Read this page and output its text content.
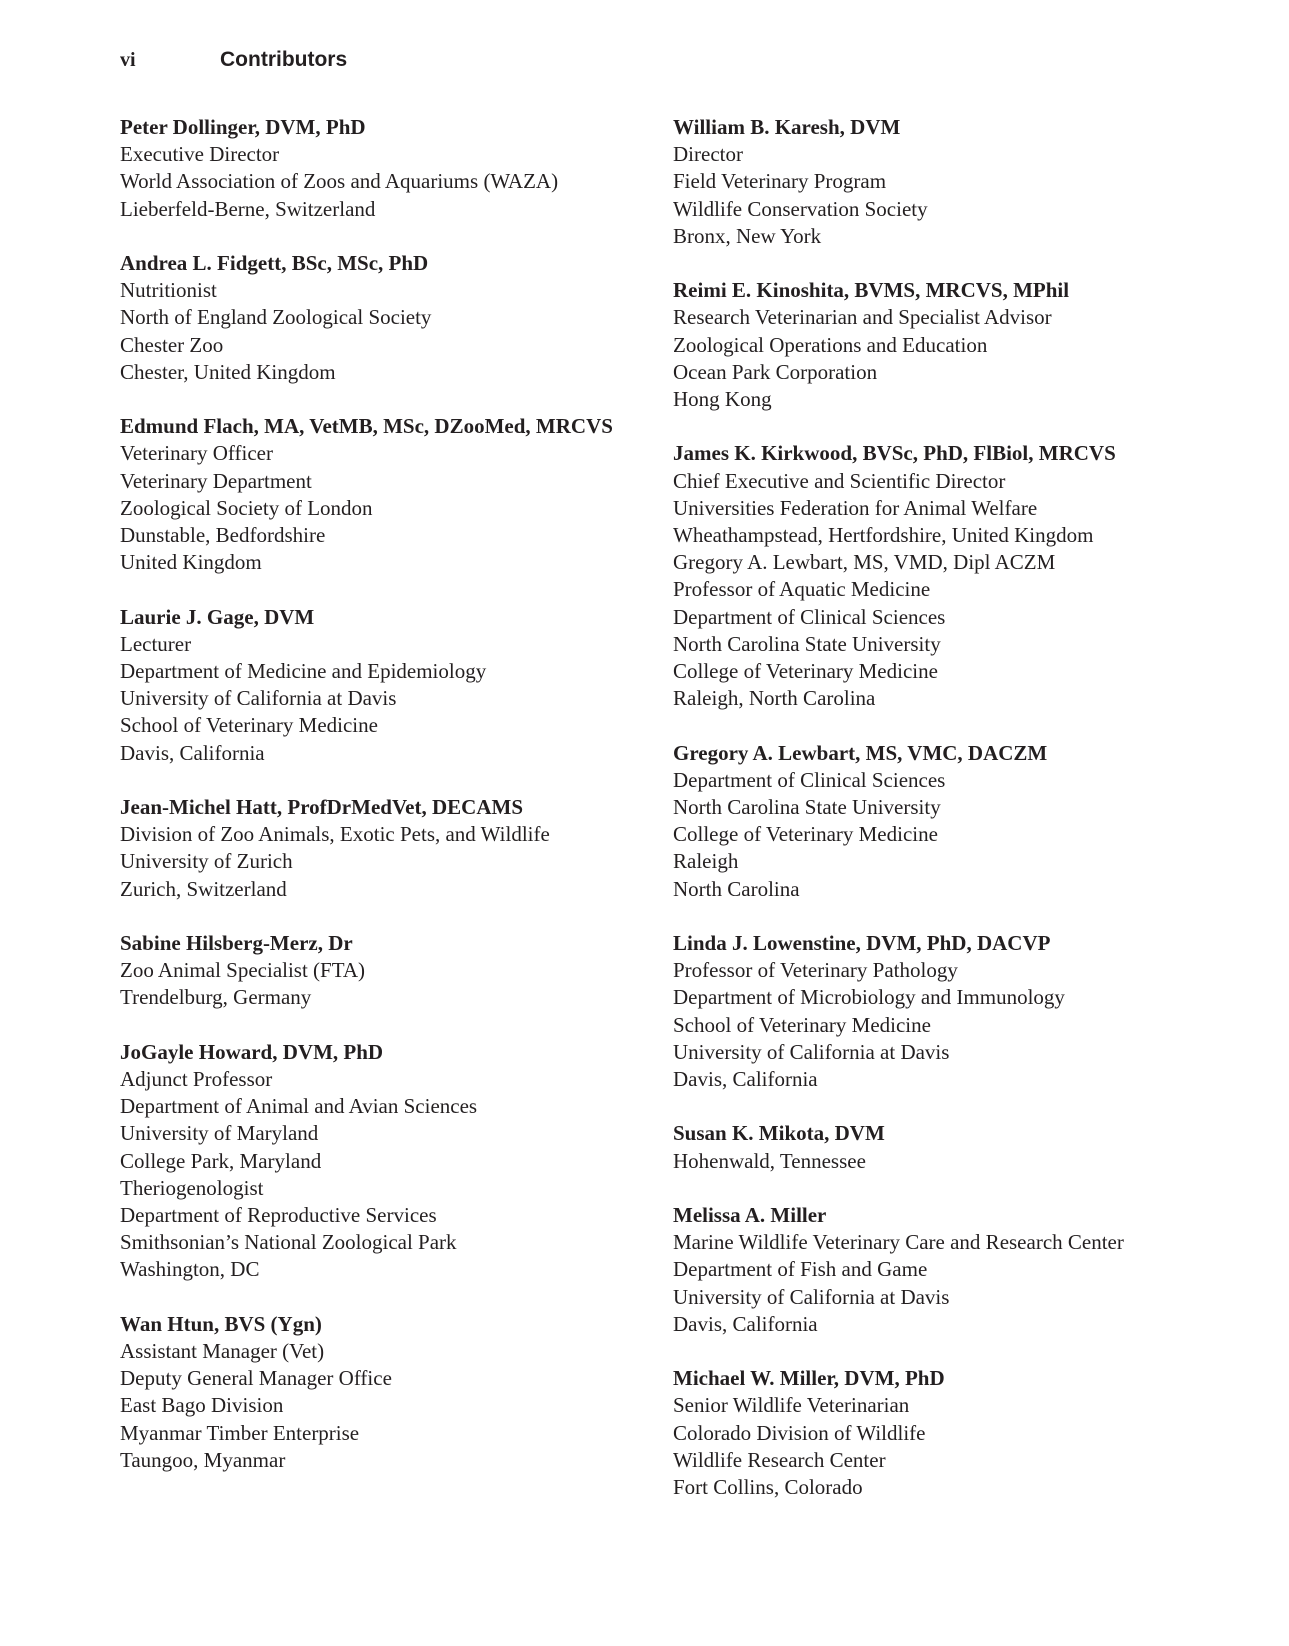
vi	Contributors

Peter Dollinger, DVM, PhD

Executive Director

World Association of Zoos and Aquariums (WAZA)

Lieberfeld-Berne, Switzerland

Andrea L. Fidgett, BSc, MSc, PhD

Nutritionist

North of England Zoological Society

Chester Zoo

Chester, United Kingdom

Edmund Flach, MA, VetMB, MSc, DZooMed, MRCVS

Veterinary Officer

Veterinary Department

Zoological Society of London

Dunstable, Bedfordshire

United Kingdom

Laurie J. Gage, DVM

Lecturer

Department of Medicine and Epidemiology

University of California at Davis

School of Veterinary Medicine

Davis, California

Jean-Michel Hatt, ProfDrMedVet, DECAMS

Division of Zoo Animals, Exotic Pets, and Wildlife

University of Zurich

Zurich, Switzerland

Sabine Hilsberg-Merz, Dr

Zoo Animal Specialist (FTA)

Trendelburg, Germany

JoGayle Howard, DVM, PhD

Adjunct Professor

Department of Animal and Avian Sciences

University of Maryland

College Park, Maryland

Theriogenologist

Department of Reproductive Services

Smithsonian’s National Zoological Park

Washington, DC

Wan Htun, BVS (Ygn)

Assistant Manager (Vet)

Deputy General Manager Office

East Bago Division

Myanmar Timber Enterprise

Taungoo, Myanmar

William B. Karesh, DVM

Director

Field Veterinary Program

Wildlife Conservation Society

Bronx, New York

Reimi E. Kinoshita, BVMS, MRCVS, MPhil

Research Veterinarian and Specialist Advisor

Zoological Operations and Education

Ocean Park Corporation

Hong Kong

James K. Kirkwood, BVSc, PhD, FlBiol, MRCVS

Chief Executive and Scientific Director

Universities Federation for Animal Welfare

Wheathampstead, Hertfordshire, United Kingdom

Gregory A. Lewbart, MS, VMD, Dipl ACZM

Professor of Aquatic Medicine

Department of Clinical Sciences

North Carolina State University

College of Veterinary Medicine

Raleigh, North Carolina

Gregory A. Lewbart, MS, VMC, DACZM

Department of Clinical Sciences

North Carolina State University

College of Veterinary Medicine

Raleigh

North Carolina

Linda J. Lowenstine, DVM, PhD, DACVP

Professor of Veterinary Pathology

Department of Microbiology and Immunology

School of Veterinary Medicine

University of California at Davis

Davis, California

Susan K. Mikota, DVM

Hohenwald, Tennessee

Melissa A. Miller

Marine Wildlife Veterinary Care and Research Center

Department of Fish and Game

University of California at Davis

Davis, California

Michael W. Miller, DVM, PhD

Senior Wildlife Veterinarian

Colorado Division of Wildlife

Wildlife Research Center

Fort Collins, Colorado
